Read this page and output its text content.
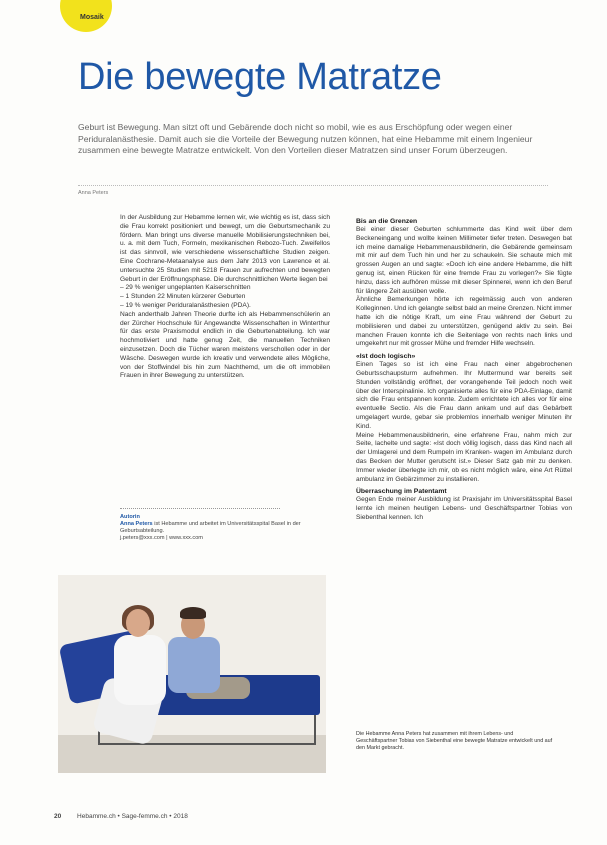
Mosaik
Die bewegte Matratze

Geburt ist Bewegung. Man sitzt oft und Gebärende doch nicht so mobil, wie es aus Erschöpfung oder wegen einer Periduralanästhesie. Damit auch sie die Vorteile der Bewegung nutzen können, hat eine Hebamme mit einem Ingenieur zusammen eine bewegte Matratze entwickelt. Von den Vorteilen dieser Matratzen sind unser Forum überzeugen.

Anna Peters

In der Ausbildung zur Hebamme lernen wir, wie wichtig es ist, dass sich die Frau korrekt positioniert und bewegt, um die Geburtsmechanik zu fördern. Man bringt uns diverse manuelle Mobilisierungstechniken bei, u. a. mit dem Tuch, Formeln, mexikanischen Rebozo-Tuch. Zweifellos ist das sinnvoll, wie verschiedene wissenschaftliche Studien zeigen. Eine Cochrane-Metaanalyse aus dem Jahr 2013 von Lawrence et al. untersuchte 25 Studien mit 5218 Frauen zur aufrechten und bewegten Geburt in der Eröffnungsphase. Die durchschnittlichen Werte liegen bei

– 29 % weniger ungeplanten Kaiserschnitten

– 1 Stunden 22 Minuten kürzerer Geburten

– 19 % weniger Periduralanästhesien (PDA).

Nach anderthalb Jahren Theorie durfte ich als Hebammenschülerin an der Zürcher Hochschule für Angewandte Wissenschaften in Winterthur für das erste Praxismodul endlich in die Geburtenabteilung. Ich war hochmotiviert und hatte genug Zeit, die manuellen Techniken einzusetzen. Doch die Tücher waren meistens verschollen oder in der Wäsche. Deswegen wurde ich kreativ und verwendete alles Mögliche, von der Stoffwindel bis hin zum Nachthemd, um die oft immobilen Frauen in ihrer Bewegung zu unterstützen.

Autorin
Anna Peters ist Hebamme und arbeitet im Universitätsspital Basel in der Geburtsabteilung.
j.peters@xxx.com | www.xxx.com
Bis an die Grenzen

Bei einer dieser Geburten schlummerte das Kind weit über dem Beckeneingang und wollte keinen Millimeter tiefer treten. Deswegen bat ich meine damalige Hebammenausbildnerin, die Gebärende gemeinsam mit mir auf dem Tuch hin und her zu schaukeln. Sie schaute mich mit grossen Augen an und sagte: «Doch ich eine andere Hebamme, die hilft genug ist, einen Rücken für eine fremde Frau zu vorlegen?» Sie fügte hinzu, dass ich aufhören müsse mit dieser Spinnerei, wenn ich den Beruf für längere Zeit ausüben wolle.

Ähnliche Bemerkungen hörte ich regelmässig auch von anderen Kolleginnen. Und ich gelangte selbst bald an meine Grenzen. Nicht immer hatte ich die nötige Kraft, um eine Frau während der Geburt zu mobilisieren und dabei zu unterstützen, genügend aktiv zu sein. Bei manchen Frauen konnte ich die Seitenlage von rechts nach links und umgekehrt nur mit grosser Mühe und fremder Hilfe wechseln.

«Ist doch logisch»

Einen Tages so ist ich eine Frau nach einer abgebrochenen Geburtsschaupsturm aufnehmen. Ihr Muttermund war bereits seit Stunden vollständig eröffnet, der vorangehende Teil jedoch noch weit über der Interspinalinie. Ich organisierte alles für eine PDA-Einlage, damit sich die Frau entspannen konnte. Zudem errichtete ich alles vor für eine eventuelle Sectio. Als die Frau dann ankam und auf das Gebärbett umgelagert wurde, gebar sie problemlos innerhalb weniger Minuten ihr Kind.

Meine Hebammenausbildnerin, eine erfahrene Frau, nahm mich zur Seite, lachelte und sagte: «Ist doch völlig logisch, dass das Kind nach all der Umlagerei und dem Rumpeln im Kranken- wagen im Ambulanz durch das Becken der Mutter gerutscht ist.» Dieser Satz gab mir zu denken. Immer wieder überlegte ich mir, ob es nicht möglich wäre, eine Art Rüttel ambulanz im Gebärzimmer zu installieren.

Überraschung im Patentamt

Gegen Ende meiner Ausbildung ist Praxisjahr im Universitätsspital Basel lernte ich meinen heutigen Lebens- und Geschäftspartner Tobias von Siebenthal kennen. Ich

Die Hebamme Anna Peters hat zusammen mit ihrem Lebens- und Geschäftspartner Tobias von Siebenthal eine bewegte Matratze entwickelt und auf den Markt gebracht.

20 Hebamme.ch • Sage-femme.ch • 2018
